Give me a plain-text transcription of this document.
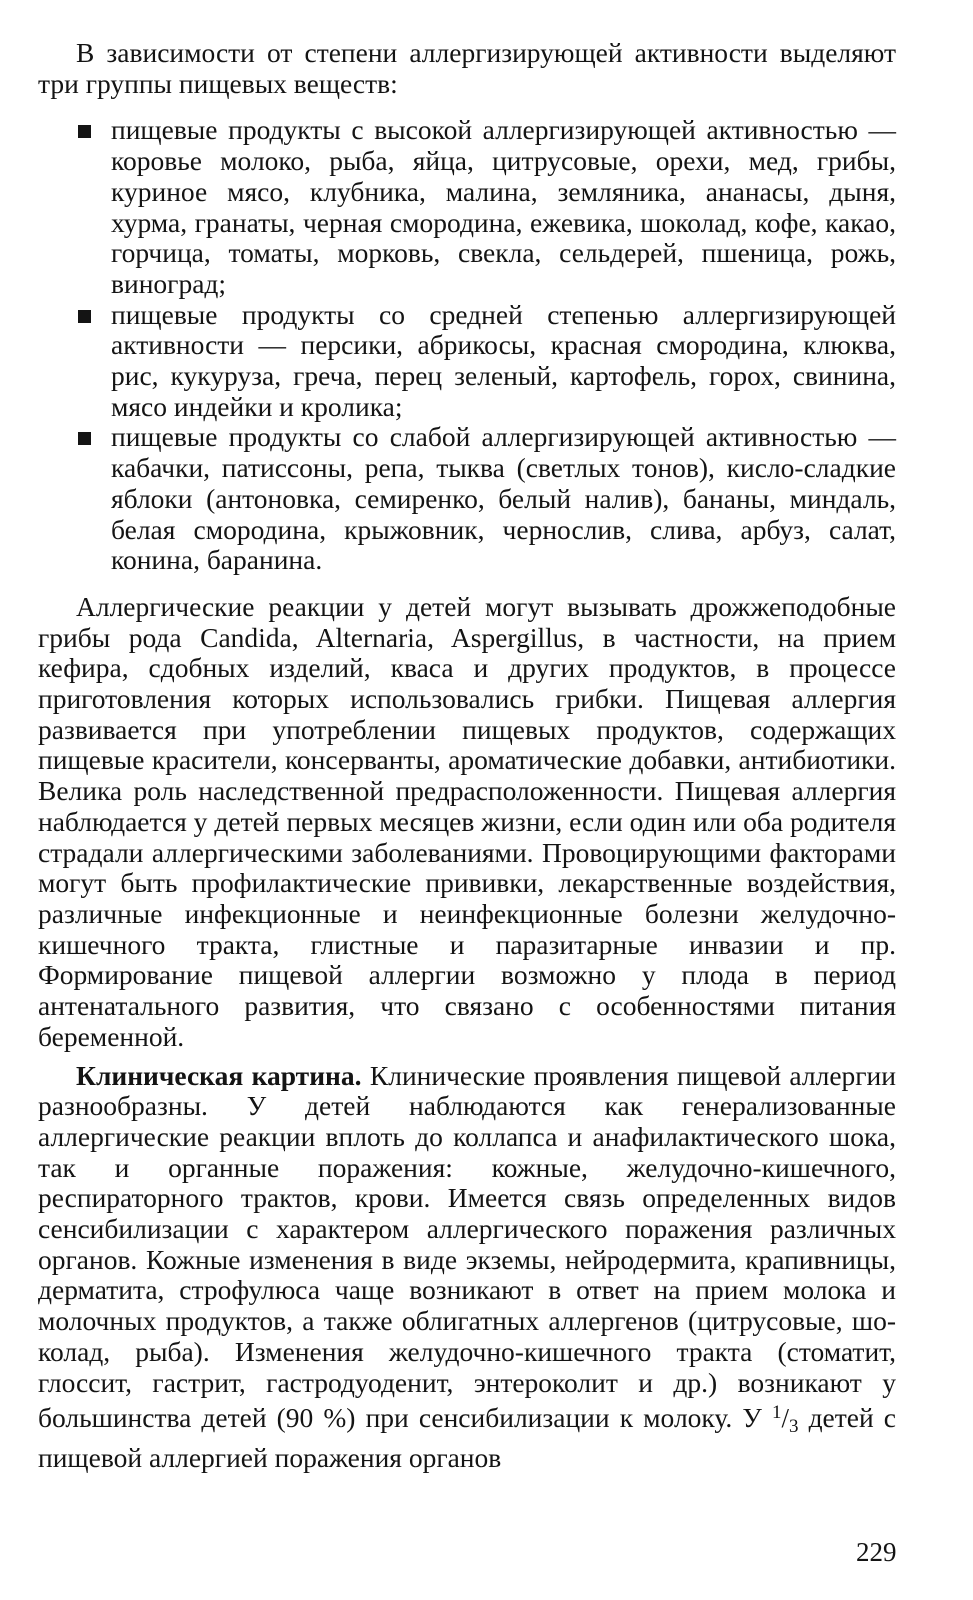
В зависимости от степени аллергизирующей активности выделяют три группы пищевых веществ:

пищевые продукты с высокой аллергизирующей активностью — коровье молоко, рыба, яйца, цитрусовые, орехи, мед, грибы, куриное мясо, клубника, малина, земляника, ананасы, дыня, хурма, гранаты, черная смородина, ежевика, шоколад, кофе, какао, горчица, томаты, морковь, свекла, сельдерей, пшеница, рожь, виноград;
пищевые продукты со средней степенью аллергизирующей активности — персики, абрикосы, красная смородина, клюква, рис, кукуруза, греча, перец зеленый, картофель, горох, свинина, мясо индейки и кролика;
пищевые продукты со слабой аллергизирующей активностью — кабачки, патиссоны, репа, тыква (светлых тонов), кисло-сладкие яблоки (антоновка, семиренко, белый налив), бананы, миндаль, белая смородина, крыжовник, чернослив, слива, арбуз, салат, конина, баранина.

Аллергические реакции у детей могут вызывать дрожжеподобные грибы рода Candida, Alternaria, Aspergillus, в частности, на прием кефира, сдобных изделий, кваса и других продуктов, в процессе приготовления которых использовались грибки. Пищевая аллергия развивается при употреблении пищевых продуктов, содержащих пищевые красители, консерванты, ароматические добавки, антибиотики. Велика роль наследственной предрасположенности. Пищевая аллергия наблюдается у детей первых месяцев жизни, если один или оба родителя страдали аллергическими заболеваниями. Провоцирующими факторами могут быть профилактические прививки, лекарственные воздействия, различные инфекционные и неинфекционные болезни желудочно-кишечного тракта, глистные и паразитарные инвазии и пр. Формирование пищевой аллергии возможно у плода в период антенатального развития, что связано с особенностями питания беременной.

Клиническая картина. Клинические проявления пищевой аллергии разнообразны. У детей наблюдаются как генерализованные аллергические реакции вплоть до коллапса и анафилактического шока, так и органные поражения: кожные, желудочно-кишечного, респираторного трактов, крови. Имеется связь определенных видов сенсибилизации с характером аллергического поражения различных органов. Кожные изменения в виде экземы, нейродермита, крапивницы, дерматита, строфулюса чаще возникают в ответ на прием молока и молочных продуктов, а также облигатных аллергенов (цитрусовые, шоколад, рыба). Изменения желудочно-кишечного тракта (стоматит, глоссит, гастрит, гастродуоденит, энтероколит и др.) возникают у большинства детей (90 %) при сенсибилизации к молоку. У 1/3 детей с пищевой аллергией поражения органов

229
